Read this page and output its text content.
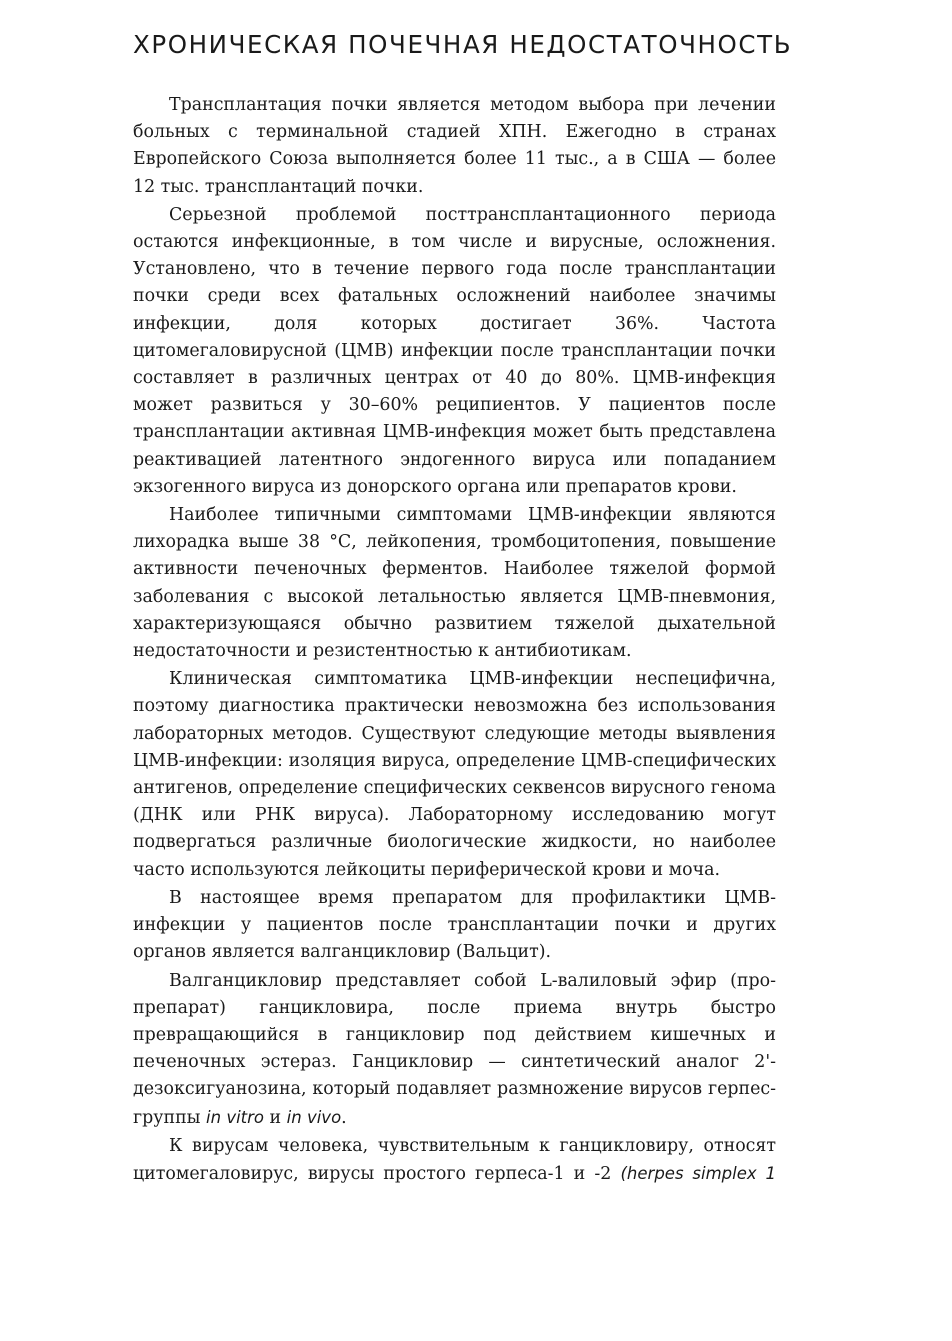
ХРОНИЧЕСКАЯ ПОЧЕЧНАЯ НЕДОСТАТОЧНОСТЬ

Трансплантация почки является методом выбора при лечении больных с терминальной стадией ХПН. Ежегодно в странах Европейского Союза выполняется более 11 тыс., а в США — более 12 тыс. трансплантаций почки.

Серьезной проблемой посттрансплантационного периода остаются инфекционные, в том числе и вирусные, осложнения. Установлено, что в течение первого года после трансплантации почки среди всех фатальных осложнений наиболее значимы инфекции, доля которых достигает 36%. Частота цитомегаловирусной (ЦМВ) инфекции после трансплантации почки составляет в различных центрах от 40 до 80%. ЦМВ-инфекция может развиться у 30–60% реципиентов. У пациентов после трансплантации активная ЦМВ-инфекция может быть представлена реактивацией латентного эндогенного вируса или попаданием экзогенного вируса из донорского органа или препаратов крови.

Наиболее типичными симптомами ЦМВ-инфекции являются лихорадка выше 38 °С, лейкопения, тромбоцитопения, повышение активности печеночных ферментов. Наиболее тяжелой формой заболевания с высокой летальностью является ЦМВ-пневмония, характеризующаяся обычно развитием тяжелой дыхательной недостаточности и резистентностью к антибиотикам.

Клиническая симптоматика ЦМВ-инфекции неспецифична, поэтому диагностика практически невозможна без использования лабораторных методов. Существуют следующие методы выявления ЦМВ-инфекции: изоляция вируса, определение ЦМВ-специфических антигенов, определение специфических секвенсов вирусного генома (ДНК или РНК вируса). Лабораторному исследованию могут подвергаться различные биологические жидкости, но наиболее часто используются лейкоциты периферической крови и моча.

В настоящее время препаратом для профилактики ЦМВ-инфекции у пациентов после трансплантации почки и других органов является валганцикловир (Вальцит).

Валганцикловир представляет собой L-валиловый эфир (про-препарат) ганцикловира, после приема внутрь быстро превращающийся в ганцикловир под действием кишечных и печеночных эстераз. Ганцикловир — синтетический аналог 2'-дезоксигуанозина, который подавляет размножение вирусов герпес-группы in vitro и in vivo.

К вирусам человека, чувствительным к ганцикловиру, относят цитомегаловирус, вирусы простого герпеса-1 и -2 (herpes simplex 1
